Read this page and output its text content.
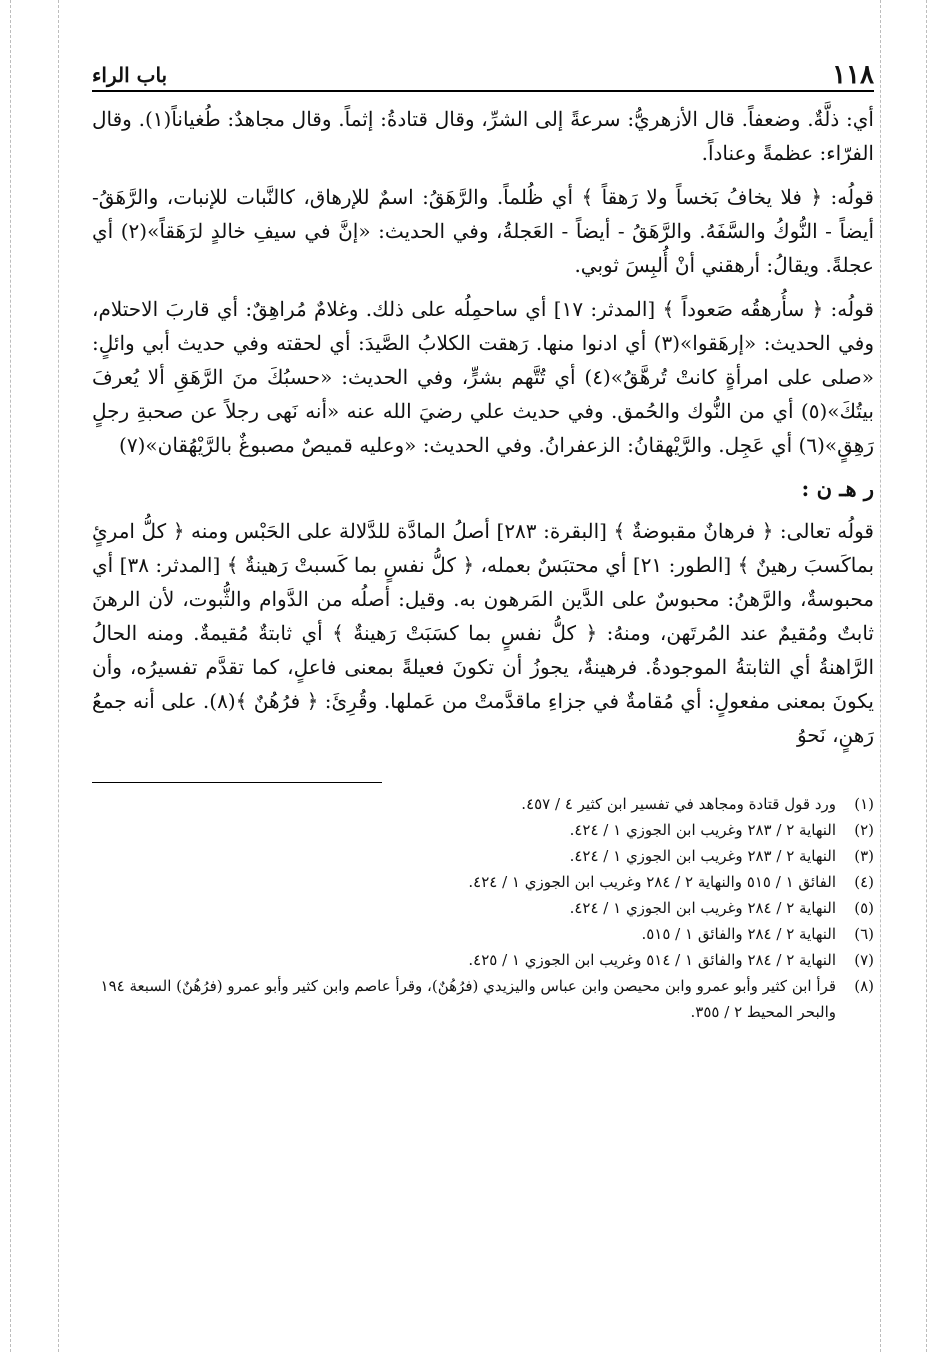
١١٨
باب الراء

أي: ذلَّةٌ. وضعفاً. قال الأزهريُّ: سرعةً إلى الشرِّ، وقال قتادةُ: إثماً. وقال مجاهدٌ: طُغياناً(١). وقال الفرّاء: عظمةً وعناداً.

قولُه: ﴿ فلا يخافُ بَخساً ولا رَهقاً ﴾ أي ظُلماً. والرَّهَقُ: اسمٌ للإرهاق، كالنَّبات للإنبات، والرَّهَقُ- أيضاً - النُّوكُ والسَّفَهُ. والرَّهَقُ - أيضاً - العَجلةُ، وفي الحديث: «إنَّ في سيفِ خالدٍ لرَهَقاً»(٢) أي عجلةً. ويقالُ: أرهقني أنْ أُلبِسَ ثوبي.

قولُه: ﴿ سأُرهقُه صَعوداً ﴾ [المدثر: ١٧] أي ساحمِلُه على ذلك. وغلامٌ مُراهِقٌ: أي قاربَ الاحتلام، وفي الحديث: «إرهَقوا»(٣) أي ادنوا منها. رَهقت الكلابُ الصَّيدَ: أي لحقته وفي حديث أبي وائلٍ: «صلى على امرأةٍ كانتْ تُرهَّقُ»(٤) أي تُتَّهم بشرٍّ، وفي الحديث: «حسبُكَ منَ الرَّهَقِ ألا يُعرفَ بيتُكَ»(٥) أي من النُّوك والحُمق. وفي حديث علي رضيَ الله عنه «أنه نَهى رجلاً عن صحبةِ رجلٍ رَهِقٍ»(٦) أي عَجِل. والرَّيْهقانُ: الزعفرانُ. وفي الحديث: «وعليه قميصٌ مصبوغٌ بالرَّيْهُقان»(٧)

ر هـ ن :

قولُه تعالى: ﴿ فرهانٌ مقبوضةٌ ﴾ [البقرة: ٢٨٣] أصلُ المادَّة للدَّلالة على الحَبْس ومنه ﴿ كلُّ امرئٍ بماكَسبَ رهينٌ ﴾ [الطور: ٢١] أي محتبَسٌ بعمله، ﴿ كلُّ نفسٍ بما كَسبتْ رَهينةٌ ﴾ [المدثر: ٣٨] أي محبوسةٌ، والرَّهنُ: محبوسٌ على الدَّين المَرهون به. وقيل: أصلُه من الدَّوام والثُّبوت، لأن الرهنَ ثابتٌ ومُقيمٌ عند المُرتَهن، ومنهُ: ﴿ كلُّ نفسٍ بما كسَبَتْ رَهينةٌ ﴾ أي ثابتةٌ مُقيمةٌ. ومنه الحالُ الرَّاهنةُ أي الثابتةُ الموجودةُ. فرهينةٌ، يجوزُ أن تكونَ فعيلةً بمعنى فاعلٍ، كما تقدَّم تفسيرُه، وأن يكونَ بمعنى مفعولٍ: أي مُقامةٌ في جزاءِ ماقدَّمتْ من عَملها. وقُرِئَ: ﴿ فرُهُنٌ ﴾(٨). على أنه جمعُ رَهنٍ، نَحوُ

(١)
ورد قول قتادة ومجاهد في تفسير ابن كثير ٤ / ٤٥٧.
(٢)
النهاية ٢ / ٢٨٣ وغريب ابن الجوزي ١ / ٤٢٤.
(٣)
النهاية ٢ / ٢٨٣ وغريب ابن الجوزي ١ / ٤٢٤.
(٤)
الفائق ١ / ٥١٥ والنهاية ٢ / ٢٨٤ وغريب ابن الجوزي ١ / ٤٢٤.
(٥)
النهاية ٢ / ٢٨٤ وغريب ابن الجوزي ١ / ٤٢٤.
(٦)
النهاية ٢ / ٢٨٤ والفائق ١ / ٥١٥.
(٧)
النهاية ٢ / ٢٨٤ والفائق ١ / ٥١٤ وغريب ابن الجوزي ١ / ٤٢٥.
(٨)
قرأ ابن كثير وأبو عمرو وابن محيصن وابن عباس واليزيدي (فرُهُنٌ)، وقرأ عاصم وابن كثير وأبو عمرو (فرُهُنٌ) السبعة ١٩٤ والبحر المحيط ٢ / ٣٥٥.
